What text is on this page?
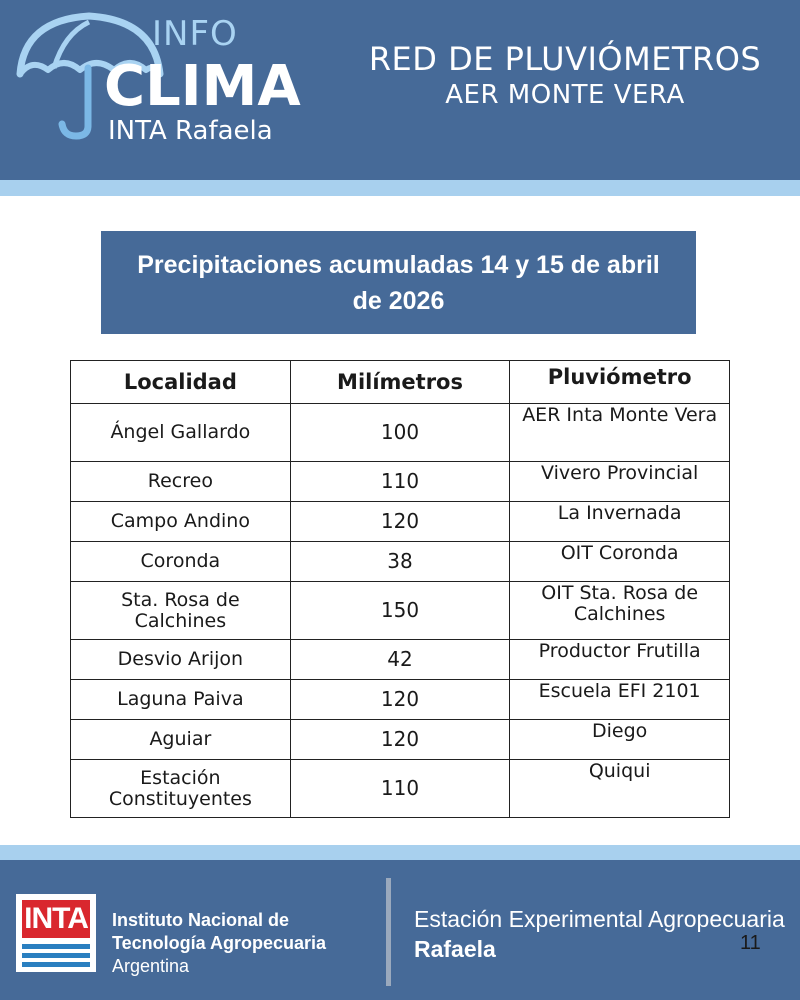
INFO
CLIMA
INTA Rafaela
RED DE PLUVIÓMETROS
AER MONTE VERA
Precipitaciones acumuladas 14 y 15 de abril
de 2026
Localidad	Milímetros	Pluviómetro
Ángel Gallardo	100	AER Inta Monte Vera
Recreo	110	Vivero Provincial
Campo Andino	120	La Invernada
Coronda	38	OIT Coronda
Sta. Rosa de Calchines	150	OIT Sta. Rosa de Calchines
Desvio Arijon	42	Productor Frutilla
Laguna Paiva	120	Escuela EFI 2101
Aguiar	120	Diego
Estación Constituyentes	110	Quiqui
INTA Instituto Nacional de
Tecnología Agropecuaria
Argentina
Estación Experimental Agropecuaria
Rafaela	11
